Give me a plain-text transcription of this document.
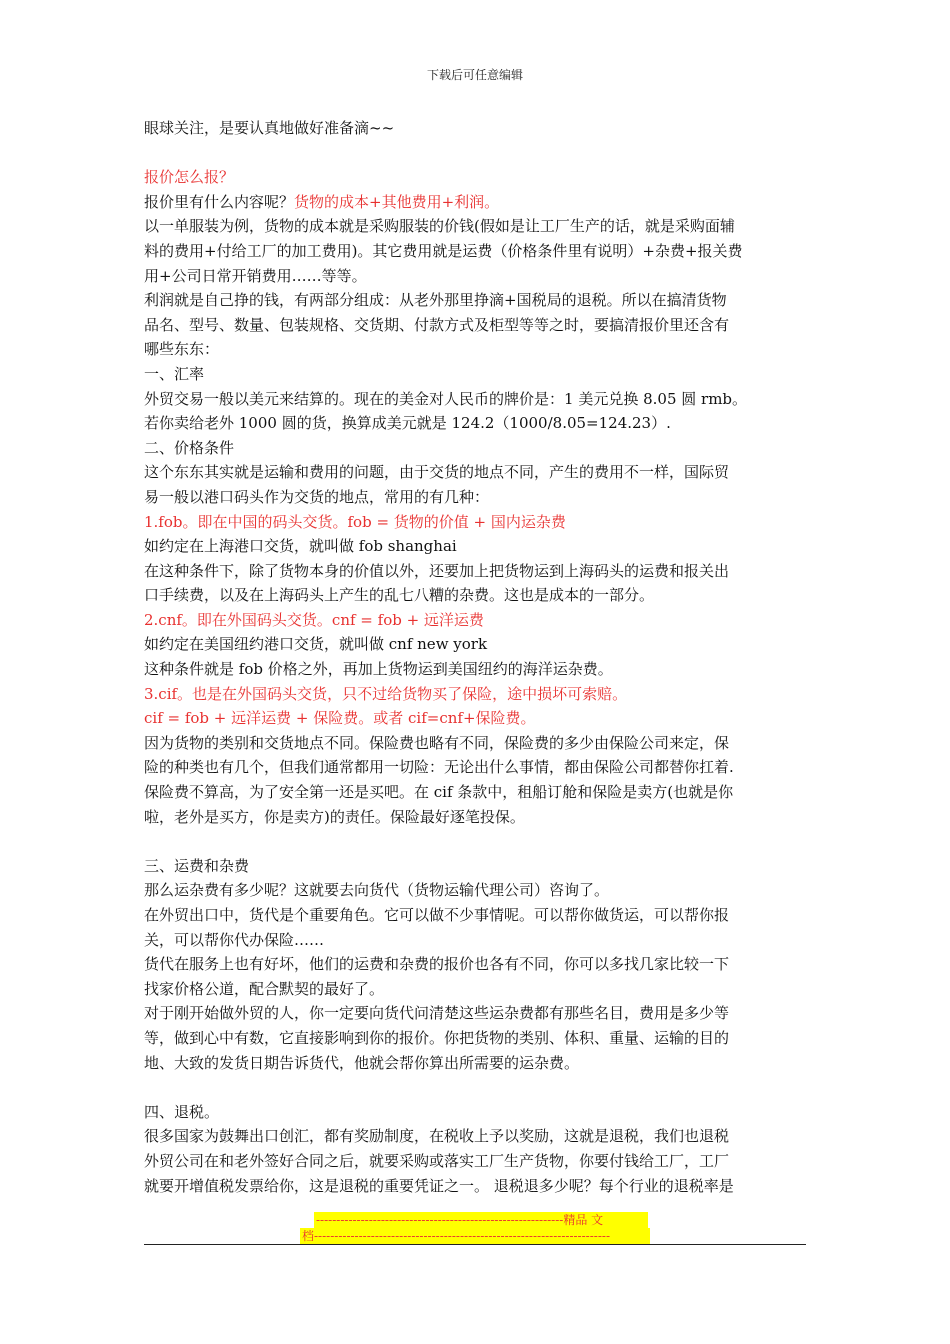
下载后可任意编辑
眼球关注，是要认真地做好准备滴~~
报价怎么报？
报价里有什么内容呢？货物的成本+其他费用+利润。
以一单服装为例，货物的成本就是采购服装的价钱(假如是让工厂生产的话，就是采购面辅
料的费用+付给工厂的加工费用)。其它费用就是运费（价格条件里有说明）+杂费+报关费
用+公司日常开销费用……等等。
利润就是自己挣的钱，有两部分组成：从老外那里挣滴+国税局的退税。所以在搞清货物
品名、型号、数量、包装规格、交货期、付款方式及柜型等等之时，要搞清报价里还含有
哪些东东：
一、汇率
外贸交易一般以美元来结算的。现在的美金对人民币的牌价是：1 美元兑换 8.05 圆 rmb。
若你卖给老外 1000 圆的货，换算成美元就是 124.2（1000/8.05=124.23）.
二、价格条件
这个东东其实就是运输和费用的问题，由于交货的地点不同，产生的费用不一样，国际贸
易一般以港口码头作为交货的地点，常用的有几种：
1.fob。即在中国的码头交货。fob = 货物的价值 + 国内运杂费
如约定在上海港口交货，就叫做 fob shanghai
在这种条件下，除了货物本身的价值以外，还要加上把货物运到上海码头的运费和报关出
口手续费，以及在上海码头上产生的乱七八糟的杂费。这也是成本的一部分。
2.cnf。即在外国码头交货。cnf = fob + 远洋运费
如约定在美国纽约港口交货，就叫做 cnf new york
这种条件就是 fob 价格之外，再加上货物运到美国纽约的海洋运杂费。
3.cif。也是在外国码头交货，只不过给货物买了保险，途中损坏可索赔。
cif = fob + 远洋运费 + 保险费。或者 cif=cnf+保险费。
因为货物的类别和交货地点不同。保险费也略有不同，保险费的多少由保险公司来定，保
险的种类也有几个，但我们通常都用一切险：无论出什么事情，都由保险公司都替你扛着.
保险费不算高，为了安全第一还是买吧。在 cif 条款中，租船订舱和保险是卖方(也就是你
啦，老外是买方，你是卖方)的责任。保险最好逐笔投保。
三、运费和杂费
那么运杂费有多少呢？这就要去向货代（货物运输代理公司）咨询了。
在外贸出口中，货代是个重要角色。它可以做不少事情呢。可以帮你做货运，可以帮你报
关，可以帮你代办保险……
货代在服务上也有好坏，他们的运费和杂费的报价也各有不同，你可以多找几家比较一下
找家价格公道，配合默契的最好了。
对于刚开始做外贸的人，你一定要向货代问清楚这些运杂费都有那些名目，费用是多少等
等，做到心中有数，它直接影响到你的报价。你把货物的类别、体积、重量、运输的目的
地、大致的发货日期告诉货代，他就会帮你算出所需要的运杂费。
四、退税。
很多国家为鼓舞出口创汇，都有奖励制度，在税收上予以奖励，这就是退税，我们也退税
外贸公司在和老外签好合同之后，就要采购或落实工厂生产货物，你要付钱给工厂，工厂
就要开增值税发票给你，这是退税的重要凭证之一。 退税退多少呢？每个行业的退税率是
-------------------------------------------------------------精品 文
档-------------------------------------------------------------------------
